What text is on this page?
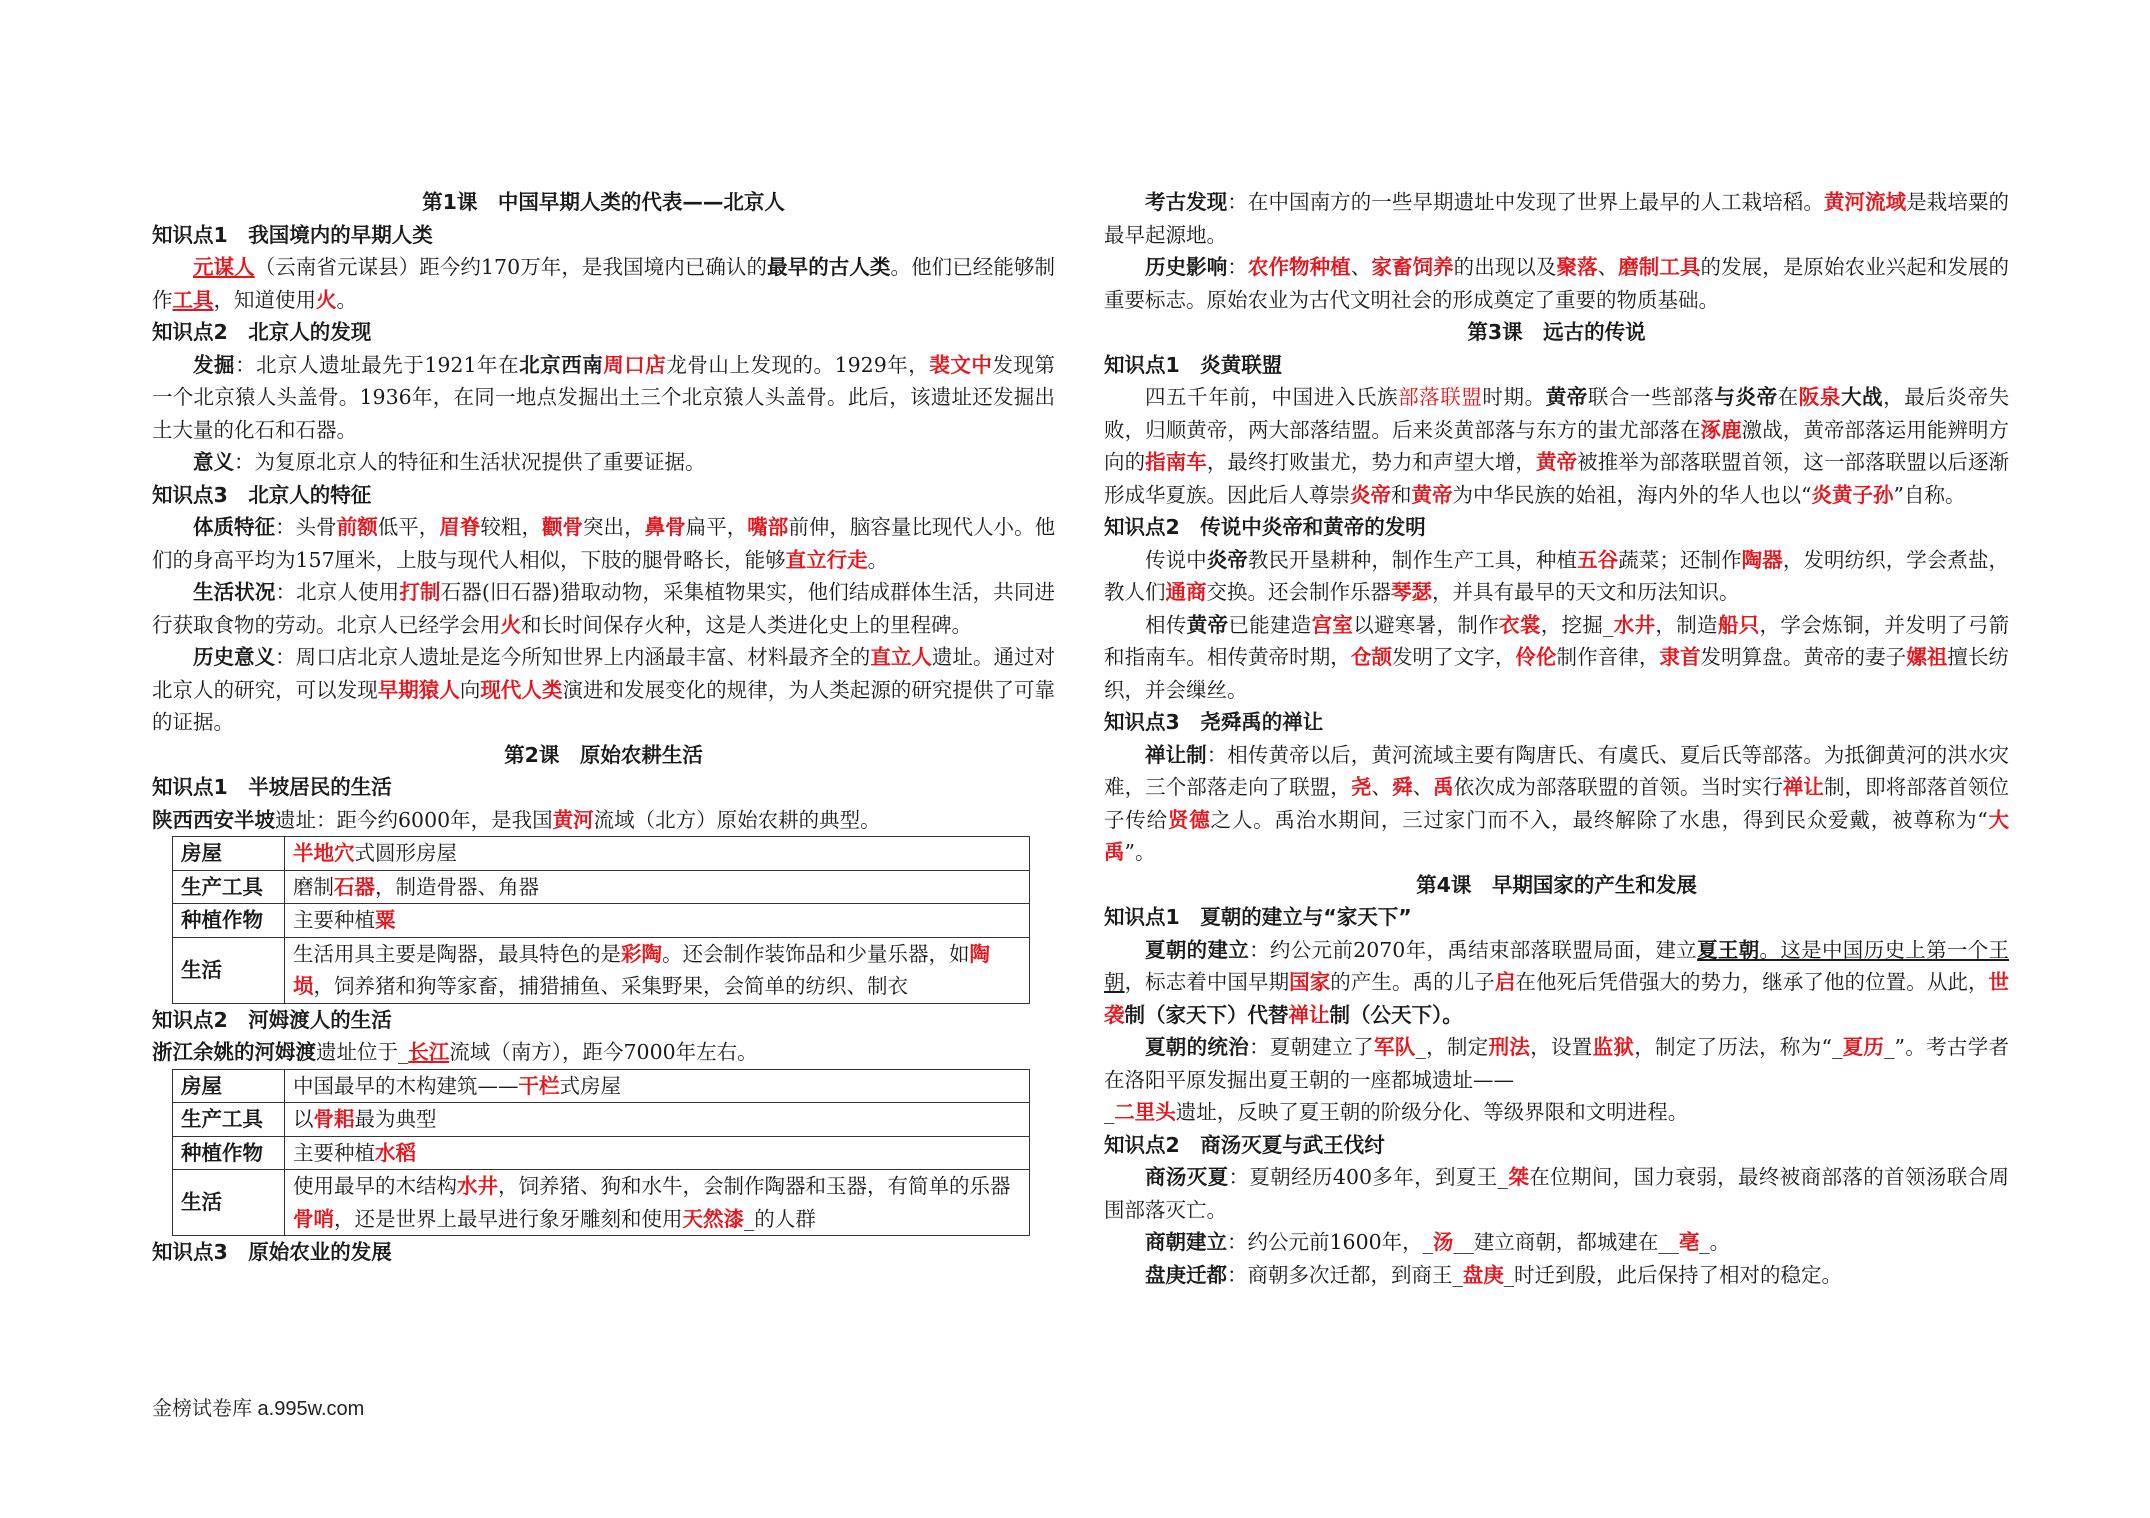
第1课　中国早期人类的代表——北京人
知识点1　我国境内的早期人类

元谋人（云南省元谋县）距今约170万年，是我国境内已确认的最早的古人类。他们已经能够制作工具，知道使用火。

知识点2　北京人的发现

发掘：北京人遗址最先于1921年在北京西南周口店龙骨山上发现的。1929年，裴文中发现第一个北京猿人头盖骨。1936年，在同一地点发掘出土三个北京猿人头盖骨。此后，该遗址还发掘出土大量的化石和石器。

意义：为复原北京人的特征和生活状况提供了重要证据。

知识点3　北京人的特征

体质特征：头骨前额低平，眉脊较粗，颧骨突出，鼻骨扁平，嘴部前伸，脑容量比现代人小。他们的身高平均为157厘米，上肢与现代人相似，下肢的腿骨略长，能够直立行走。

生活状况：北京人使用打制石器(旧石器)猎取动物，采集植物果实，他们结成群体生活，共同进行获取食物的劳动。北京人已经学会用火和长时间保存火种，这是人类进化史上的里程碑。

历史意义：周口店北京人遗址是迄今所知世界上内涵最丰富、材料最齐全的直立人遗址。通过对北京人的研究，可以发现早期猿人向现代人类演进和发展变化的规律，为人类起源的研究提供了可靠的证据。

第2课　原始农耕生活
知识点1　半坡居民的生活

陕西西安半坡遗址：距今约6000年，是我国黄河流域（北方）原始农耕的典型。

房屋	半地穴式圆形房屋
生产工具	磨制石器，制造骨器、角器
种植作物	主要种植粟
生活	生活用具主要是陶器，最具特色的是彩陶。还会制作装饰品和少量乐器，如陶埙，饲养猪和狗等家畜，捕猎捕鱼、采集野果，会简单的纺织、制衣
知识点2　河姆渡人的生活

浙江余姚的河姆渡遗址位于_长江流域（南方），距今7000年左右。

房屋	中国最早的木构建筑——干栏式房屋
生产工具	以骨耜最为典型
种植作物	主要种植水稻
生活	使用最早的木结构水井，饲养猪、狗和水牛，会制作陶器和玉器，有简单的乐器骨哨，还是世界上最早进行象牙雕刻和使用天然漆_的人群
知识点3　原始农业的发展

考古发现：在中国南方的一些早期遗址中发现了世界上最早的人工栽培稻。黄河流域是栽培粟的最早起源地。

历史影响：农作物种植、家畜饲养的出现以及聚落、磨制工具的发展，是原始农业兴起和发展的重要标志。原始农业为古代文明社会的形成奠定了重要的物质基础。

第3课　远古的传说
知识点1　炎黄联盟

四五千年前，中国进入氏族部落联盟时期。黄帝联合一些部落与炎帝在阪泉大战，最后炎帝失败，归顺黄帝，两大部落结盟。后来炎黄部落与东方的蚩尤部落在涿鹿激战，黄帝部落运用能辨明方向的指南车，最终打败蚩尤，势力和声望大增，黄帝被推举为部落联盟首领，这一部落联盟以后逐渐形成华夏族。因此后人尊崇炎帝和黄帝为中华民族的始祖，海内外的华人也以“炎黄子孙”自称。

知识点2　传说中炎帝和黄帝的发明

传说中炎帝教民开垦耕种，制作生产工具，种植五谷蔬菜；还制作陶器，发明纺织，学会煮盐，教人们通商交换。还会制作乐器琴瑟，并具有最早的天文和历法知识。

相传黄帝已能建造宫室以避寒暑，制作衣裳，挖掘_水井，制造船只，学会炼铜，并发明了弓箭和指南车。相传黄帝时期，仓颉发明了文字，伶伦制作音律，隶首发明算盘。黄帝的妻子嫘祖擅长纺织，并会缫丝。

知识点3　尧舜禹的禅让

禅让制：相传黄帝以后，黄河流域主要有陶唐氏、有虞氏、夏后氏等部落。为抵御黄河的洪水灾难，三个部落走向了联盟，尧、舜、禹依次成为部落联盟的首领。当时实行禅让制，即将部落首领位子传给贤德之人。禹治水期间，三过家门而不入，最终解除了水患，得到民众爱戴，被尊称为“大禹”。

第4课　早期国家的产生和发展
知识点1　夏朝的建立与“家天下”

夏朝的建立：约公元前2070年，禹结束部落联盟局面，建立夏王朝。这是中国历史上第一个王朝，标志着中国早期国家的产生。禹的儿子启在他死后凭借强大的势力，继承了他的位置。从此，世袭制（家天下）代替禅让制（公天下）。

夏朝的统治：夏朝建立了军队_，制定刑法，设置监狱，制定了历法，称为“_夏历_”。考古学者在洛阳平原发掘出夏王朝的一座都城遗址——

_二里头遗址，反映了夏王朝的阶级分化、等级界限和文明进程。

知识点2　商汤灭夏与武王伐纣

商汤灭夏：夏朝经历400多年，到夏王_桀在位期间，国力衰弱，最终被商部落的首领汤联合周围部落灭亡。

商朝建立：约公元前1600年，_汤__建立商朝，都城建在__亳_。

盘庚迁都：商朝多次迁都，到商王_盘庚_时迁到殷，此后保持了相对的稳定。

金榜试卷库 a.995w.com
